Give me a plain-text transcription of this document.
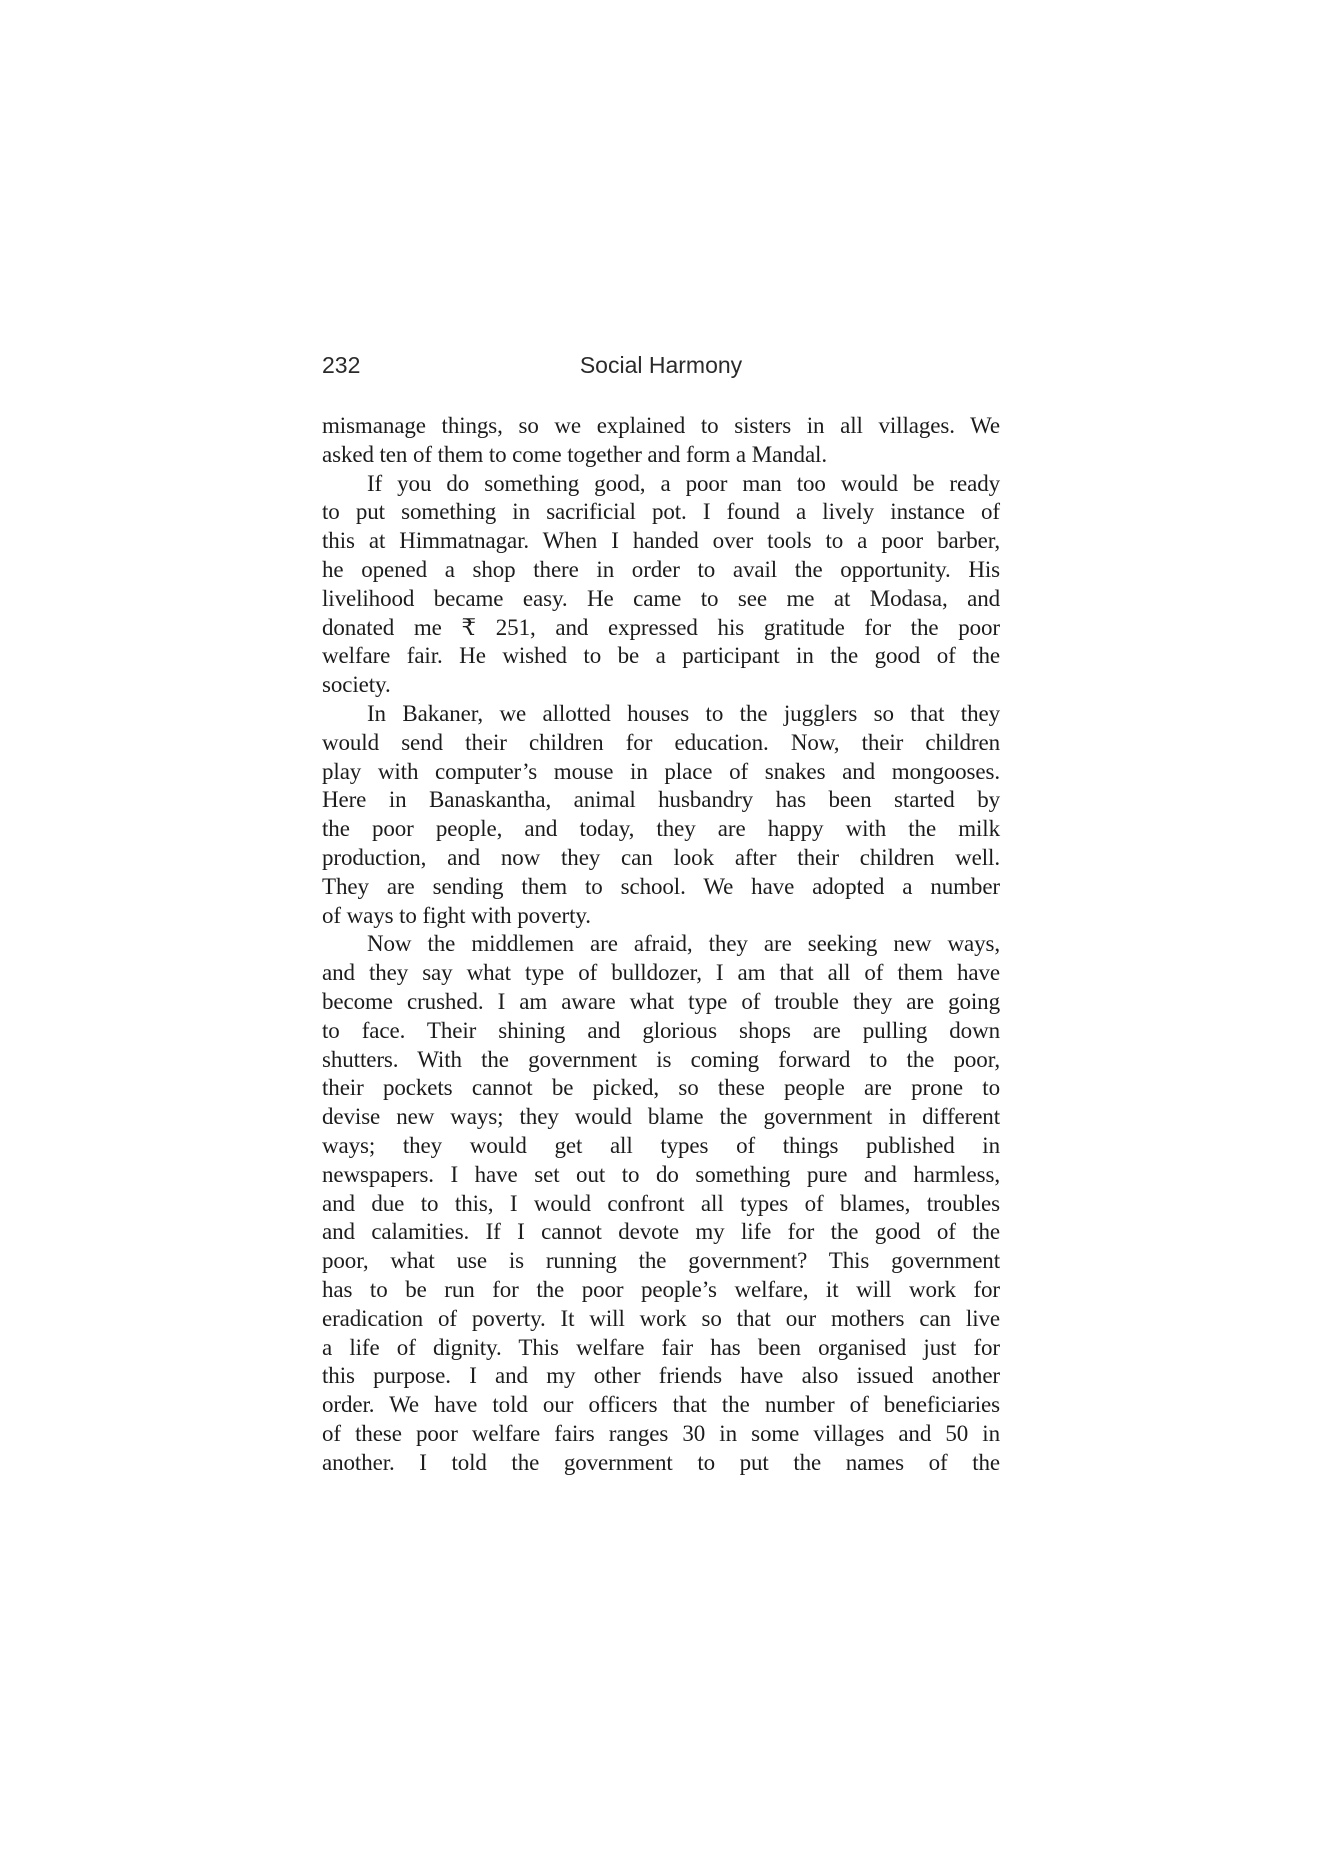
232	Social Harmony
mismanage things, so we explained to sisters in all villages. We
asked ten of them to come together and form a Mandal.
If you do something good, a poor man too would be ready
to put something in sacrificial pot. I found a lively instance of
this at Himmatnagar. When I handed over tools to a poor barber,
he opened a shop there in order to avail the opportunity. His
livelihood became easy. He came to see me at Modasa, and
donated me ₹ 251, and expressed his gratitude for the poor
welfare fair. He wished to be a participant in the good of the
society.
In Bakaner, we allotted houses to the jugglers so that they
would send their children for education. Now, their children
play with computer’s mouse in place of snakes and mongooses.
Here in Banaskantha, animal husbandry has been started by
the poor people, and today, they are happy with the milk
production, and now they can look after their children well.
They are sending them to school. We have adopted a number
of ways to fight with poverty.
Now the middlemen are afraid, they are seeking new ways,
and they say what type of bulldozer, I am that all of them have
become crushed. I am aware what type of trouble they are going
to face. Their shining and glorious shops are pulling down
shutters. With the government is coming forward to the poor,
their pockets cannot be picked, so these people are prone to
devise new ways; they would blame the government in different
ways; they would get all types of things published in
newspapers. I have set out to do something pure and harmless,
and due to this, I would confront all types of blames, troubles
and calamities. If I cannot devote my life for the good of the
poor, what use is running the government? This government
has to be run for the poor people’s welfare, it will work for
eradication of poverty. It will work so that our mothers can live
a life of dignity. This welfare fair has been organised just for
this purpose. I and my other friends have also issued another
order. We have told our officers that the number of beneficiaries
of these poor welfare fairs ranges 30 in some villages and 50 in
another. I told the government to put the names of the
